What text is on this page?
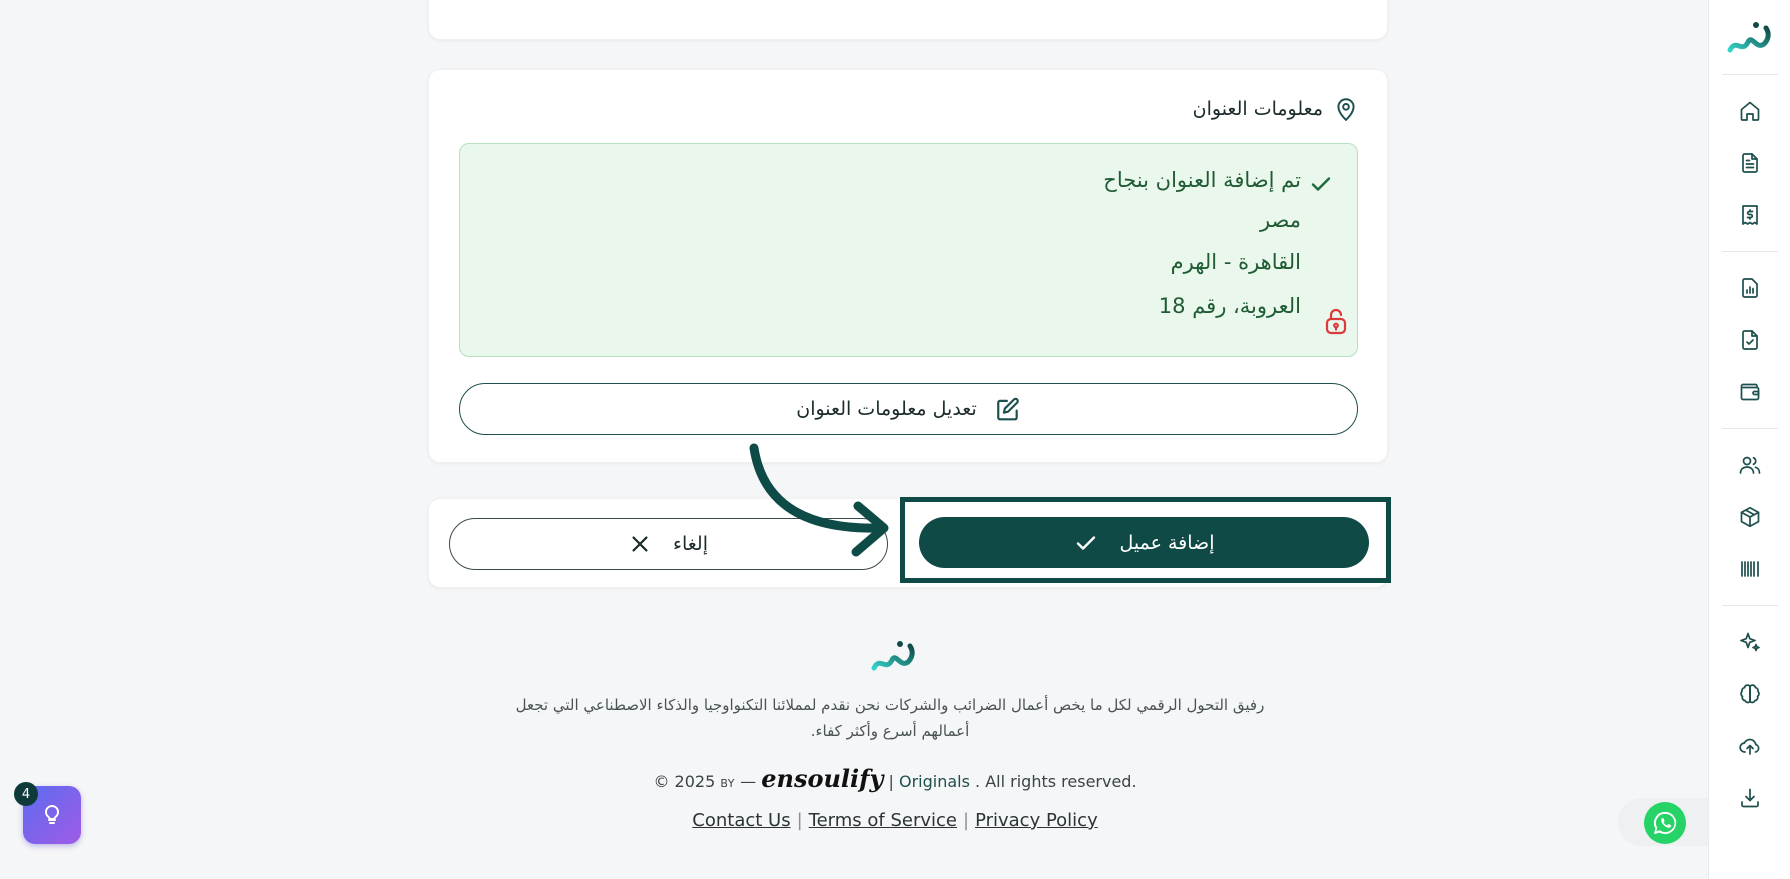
معلومات العنوان
تم إضافة العنوان بنجاح
مصر
القاهرة - الهرم
العروبة، رقم 18
تعديل معلومات العنوان
إلغاء	إضافة عميل
رفيق التحول الرقمي لكل ما يخص أعمال الضرائب والشركات نحن نقدم لمملائنا التكنواوجيا والذكاء الاصطناعي التي تجعل أعمالهم أسرع وأكثر كفاء.
© 2025 BY — ensoulify | Originals . All rights reserved.
Contact Us | Terms of Service | Privacy Policy
4
